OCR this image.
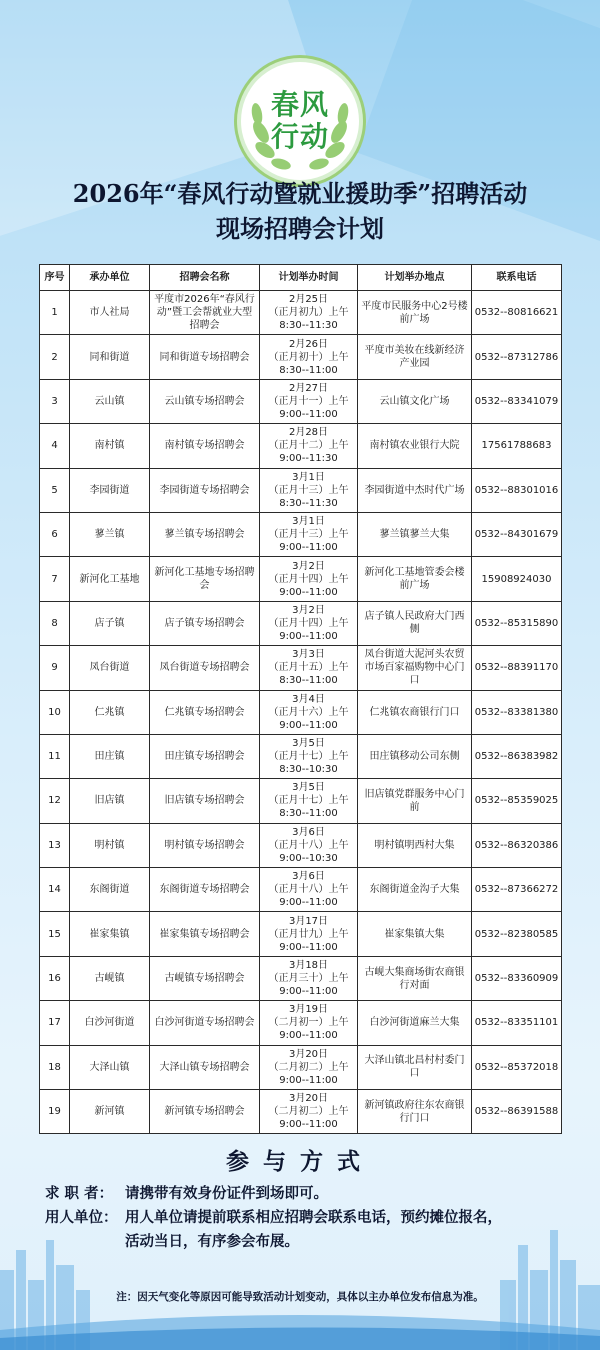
春风
行动
2026年“春风行动暨就业援助季”招聘活动
现场招聘会计划
序号	承办单位	招聘会名称	计划举办时间	计划举办地点	联系电话
1	市人社局	平度市2026年“春风行动”暨工会帮就业大型招聘会	2月25日
（正月初九）上午
8:30--11:30	平度市民服务中心2号楼前广场	0532--80816621
2	同和街道	同和街道专场招聘会	2月26日
（正月初十）上午
8:30--11:00	平度市美妆在线新经济产业园	0532--87312786
3	云山镇	云山镇专场招聘会	2月27日
（正月十一）上午
9:00--11:00	云山镇文化广场	0532--83341079
4	南村镇	南村镇专场招聘会	2月28日
（正月十二）上午
9:00--11:30	南村镇农业银行大院	17561788683
5	李园街道	李园街道专场招聘会	3月1日
（正月十三）上午
8:30--11:30	李园街道中杰时代广场	0532--88301016
6	蓼兰镇	蓼兰镇专场招聘会	3月1日
（正月十三）上午
9:00--11:00	蓼兰镇蓼兰大集	0532--84301679
7	新河化工基地	新河化工基地专场招聘会	3月2日
（正月十四）上午
9:00--11:00	新河化工基地管委会楼前广场	15908924030
8	店子镇	店子镇专场招聘会	3月2日
（正月十四）上午
9:00--11:00	店子镇人民政府大门西侧	0532--85315890
9	凤台街道	凤台街道专场招聘会	3月3日
（正月十五）上午
8:30--11:00	凤台街道大泥河头农贸市场百家福购物中心门口	0532--88391170
10	仁兆镇	仁兆镇专场招聘会	3月4日
（正月十六）上午
9:00--11:00	仁兆镇农商银行门口	0532--83381380
11	田庄镇	田庄镇专场招聘会	3月5日
（正月十七）上午
8:30--10:30	田庄镇移动公司东侧	0532--86383982
12	旧店镇	旧店镇专场招聘会	3月5日
（正月十七）上午
8:30--11:00	旧店镇党群服务中心门前	0532--85359025
13	明村镇	明村镇专场招聘会	3月6日
（正月十八）上午
9:00--10:30	明村镇明西村大集	0532--86320386
14	东阁街道	东阁街道专场招聘会	3月6日
（正月十八）上午
9:00--11:00	东阁街道金沟子大集	0532--87366272
15	崔家集镇	崔家集镇专场招聘会	3月17日
（正月廿九）上午
9:00--11:00	崔家集镇大集	0532--82380585
16	古岘镇	古岘镇专场招聘会	3月18日
（正月三十）上午
9:00--11:00	古岘大集商场街农商银行对面	0532--83360909
17	白沙河街道	白沙河街道专场招聘会	3月19日
（二月初一）上午
9:00--11:00	白沙河街道麻兰大集	0532--83351101
18	大泽山镇	大泽山镇专场招聘会	3月20日
（二月初二）上午
9:00--11:00	大泽山镇北昌村村委门口	0532--85372018
19	新河镇	新河镇专场招聘会	3月20日
（二月初二）上午
9:00--11:00	新河镇政府往东农商银行门口	0532--86391588
参与方式
求 职 者： 请携带有效身份证件到场即可。
用人单位： 用人单位请提前联系相应招聘会联系电话，预约摊位报名，
活动当日，有序参会布展。
注：因天气变化等原因可能导致活动计划变动，具体以主办单位发布信息为准。
